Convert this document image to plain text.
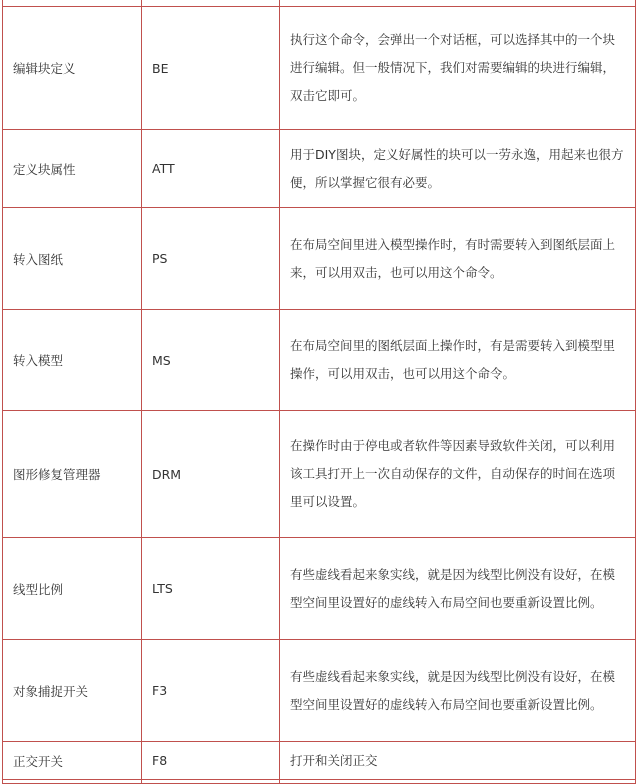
编辑块定义	BE	执行这个命令，会弹出一个对话框，可以选择其中的一个块进行编辑。但一般情况下，我们对需要编辑的块进行编辑，双击它即可。
定义块属性	ATT	用于DIY图块，定义好属性的块可以一劳永逸，用起来也很方便，所以掌握它很有必要。
转入图纸	PS	在布局空间里进入模型操作时，有时需要转入到图纸层面上来，可以用双击，也可以用这个命令。
转入模型	MS	在布局空间里的图纸层面上操作时，有是需要转入到模型里操作，可以用双击，也可以用这个命令。
图形修复管理器	DRM	在操作时由于停电或者软件等因素导致软件关闭，可以利用该工具打开上一次自动保存的文件，自动保存的时间在选项里可以设置。
线型比例	LTS	有些虚线看起来象实线，就是因为线型比例没有设好，在模型空间里设置好的虚线转入布局空间也要重新设置比例。
对象捕捉开关	F3	有些虚线看起来象实线，就是因为线型比例没有设好，在模型空间里设置好的虚线转入布局空间也要重新设置比例。
正交开关	F8	打开和关闭正交
